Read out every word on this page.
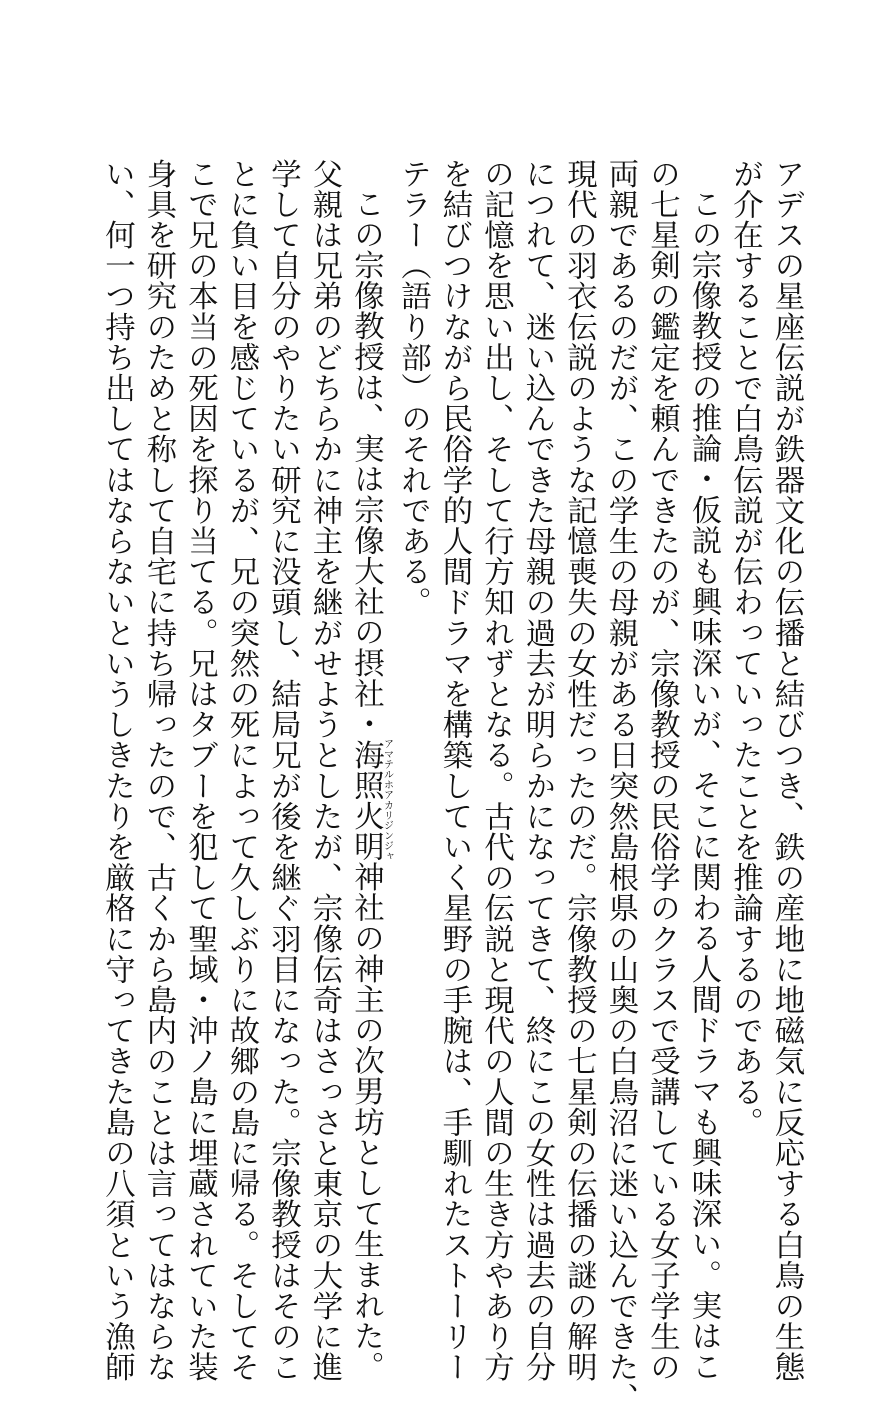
アデスの星座伝説が鉄器文化の伝播と結びつき、鉄の産地に地磁気に反応する白鳥の生態
が介在することで白鳥伝説が伝わっていったことを推論するのである。
この宗像教授の推論・仮説も興味深いが、そこに関わる人間ドラマも興味深い。実はこ
の七星剣の鑑定を頼んできたのが、宗像教授の民俗学のクラスで受講している女子学生の
両親であるのだが、この学生の母親がある日突然島根県の山奥の白鳥沼に迷い込んできた、
現代の羽衣伝説のような記憶喪失の女性だったのだ。宗像教授の七星剣の伝播の謎の解明
につれて、迷い込んできた母親の過去が明らかになってきて、終にこの女性は過去の自分
の記憶を思い出し、そして行方知れずとなる。古代の伝説と現代の人間の生き方やあり方
を結びつけながら民俗学的人間ドラマを構築していく星野の手腕は、手馴れたストーリー
テラー（語り部）のそれである。
この宗像教授は、実は宗像大社の摂社・海照火明アマテルホアカリジンジャ神社の神主の次男坊として生まれた。
父親は兄弟のどちらかに神主を継がせようとしたが、宗像伝奇はさっさと東京の大学に進
学して自分のやりたい研究に没頭し、結局兄が後を継ぐ羽目になった。宗像教授はそのこ
とに負い目を感じているが、兄の突然の死によって久しぶりに故郷の島に帰る。そしてそ
こで兄の本当の死因を探り当てる。兄はタブーを犯して聖域・沖ノ島に埋蔵されていた装
身具を研究のためと称して自宅に持ち帰ったので、古くから島内のことは言ってはならな
い、何一つ持ち出してはならないというしきたりを厳格に守ってきた島の八須という漁師
